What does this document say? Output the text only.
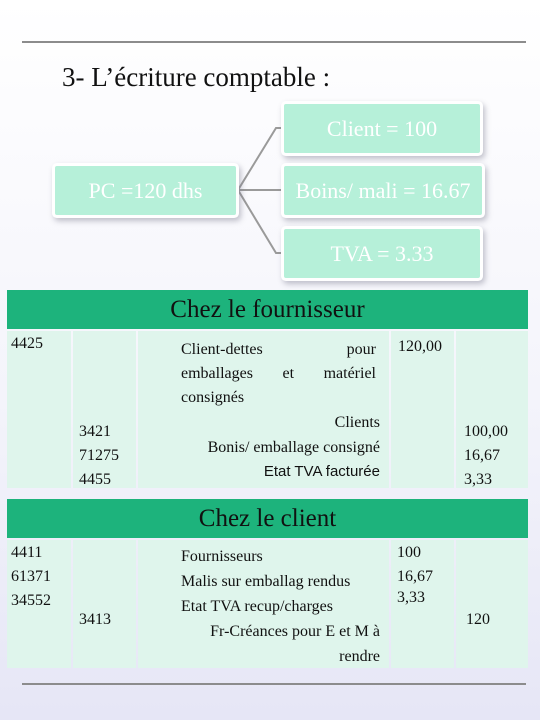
3- L’écriture comptable :
PC =120 dhs
Client = 100
Boins/ mali = 16.67
TVA = 3.33
Chez le fournisseur
4425
3421
71275
4455
Client-dettes pour
emballages et matériel
consignés
120,00
Clients
Bonis/ emballage consigné
Etat TVA facturée
100,00
16,67
3,33
Chez le client
4411
61371
34552
3413
Fournisseurs
Malis sur emballag rendus
Etat TVA recup/charges
Fr-Créances pour E et M à
rendre
100
16,67
3,33
120
